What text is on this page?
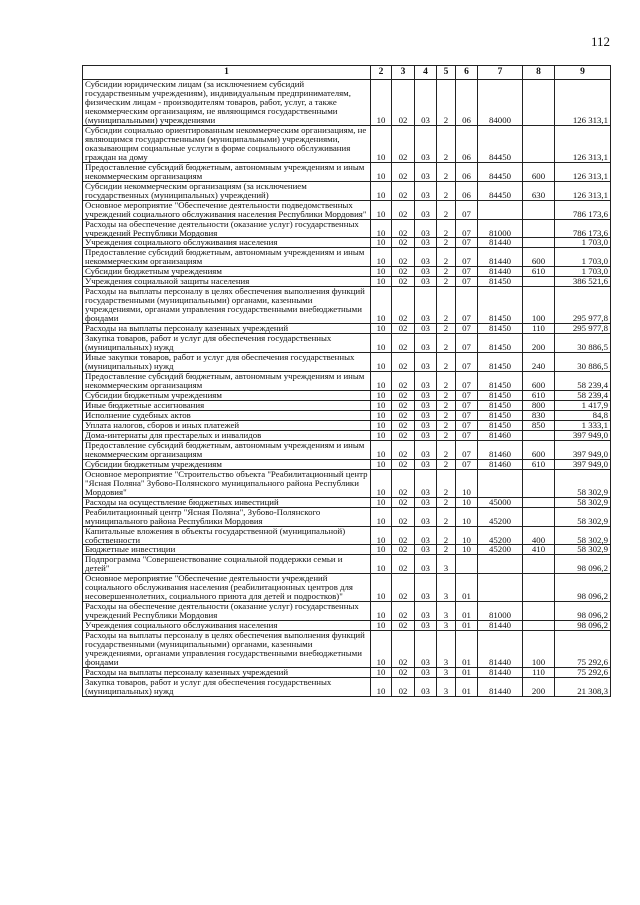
112
1	2	3	4	5	6	7	8	9
Субсидии юридическим лицам (за исключением субсидий государственным учреждениям), индивидуальным предпринимателям, физическим лицам - производителям товаров, работ, услуг, а также некоммерческим организациям, не являющимся государственными (муниципальными) учреждениями	10	02	03	2	06	84000		126 313,1
Субсидии социально ориентированным некоммерческим организациям, не являющимся государственными (муниципальными) учреждениями, оказывающим социальные услуги в форме социального обслуживания граждан на дому	10	02	03	2	06	84450		126 313,1
Предоставление субсидий бюджетным, автономным учреждениям и иным некоммерческим организациям	10	02	03	2	06	84450	600	126 313,1
Субсидии некоммерческим организациям (за исключением государственных (муниципальных) учреждений)	10	02	03	2	06	84450	630	126 313,1
Основное мероприятие "Обеспечение деятельности подведомственных учреждений социального обслуживания населения Республики Мордовия"	10	02	03	2	07			786 173,6
Расходы на обеспечение деятельности (оказание услуг) государственных учреждений Республики Мордовия	10	02	03	2	07	81000		786 173,6
Учреждения социального обслуживания населения	10	02	03	2	07	81440		1 703,0
Предоставление субсидий бюджетным, автономным учреждениям и иным некоммерческим организациям	10	02	03	2	07	81440	600	1 703,0
Субсидии бюджетным учреждениям	10	02	03	2	07	81440	610	1 703,0
Учреждения социальной защиты населения	10	02	03	2	07	81450		386 521,6
Расходы на выплаты персоналу в целях обеспечения выполнения функций государственными (муниципальными) органами, казенными учреждениями, органами управления государственными внебюджетными фондами	10	02	03	2	07	81450	100	295 977,8
Расходы на выплаты персоналу казенных учреждений	10	02	03	2	07	81450	110	295 977,8
Закупка товаров, работ и услуг для обеспечения государственных (муниципальных) нужд	10	02	03	2	07	81450	200	30 886,5
Иные закупки товаров, работ и услуг для обеспечения государственных (муниципальных) нужд	10	02	03	2	07	81450	240	30 886,5
Предоставление субсидий бюджетным, автономным учреждениям и иным некоммерческим организациям	10	02	03	2	07	81450	600	58 239,4
Субсидии бюджетным учреждениям	10	02	03	2	07	81450	610	58 239,4
Иные бюджетные ассигнования	10	02	03	2	07	81450	800	1 417,9
Исполнение судебных актов	10	02	03	2	07	81450	830	84,8
Уплата налогов, сборов и иных платежей	10	02	03	2	07	81450	850	1 333,1
Дома-интернаты для престарелых и инвалидов	10	02	03	2	07	81460		397 949,0
Предоставление субсидий бюджетным, автономным учреждениям и иным некоммерческим организациям	10	02	03	2	07	81460	600	397 949,0
Субсидии бюджетным учреждениям	10	02	03	2	07	81460	610	397 949,0
Основное мероприятие "Строительство объекта "Реабилитационный центр "Ясная Поляна" Зубово-Полянского муниципального района Республики Мордовия"	10	02	03	2	10			58 302,9
Расходы на осуществление бюджетных инвестиций	10	02	03	2	10	45000		58 302,9
Реабилитационный центр "Ясная Поляна", Зубово-Полянского муниципального района Республики Мордовия	10	02	03	2	10	45200		58 302,9
Капитальные вложения в объекты государственной (муниципальной) собственности	10	02	03	2	10	45200	400	58 302,9
Бюджетные инвестиции	10	02	03	2	10	45200	410	58 302,9
Подпрограмма "Совершенствование социальной поддержки семьи и детей"	10	02	03	3				98 096,2
Основное мероприятие "Обеспечение деятельности учреждений социального обслуживания населения (реабилитационных центров для несовершеннолетних, социального приюта для детей и подростков)"	10	02	03	3	01			98 096,2
Расходы на обеспечение деятельности (оказание услуг) государственных учреждений Республики Мордовия	10	02	03	3	01	81000		98 096,2
Учреждения социального обслуживания населения	10	02	03	3	01	81440		98 096,2
Расходы на выплаты персоналу в целях обеспечения выполнения функций государственными (муниципальными) органами, казенными учреждениями, органами управления государственными внебюджетными фондами	10	02	03	3	01	81440	100	75 292,6
Расходы на выплаты персоналу казенных учреждений	10	02	03	3	01	81440	110	75 292,6
Закупка товаров, работ и услуг для обеспечения государственных (муниципальных) нужд	10	02	03	3	01	81440	200	21 308,3
